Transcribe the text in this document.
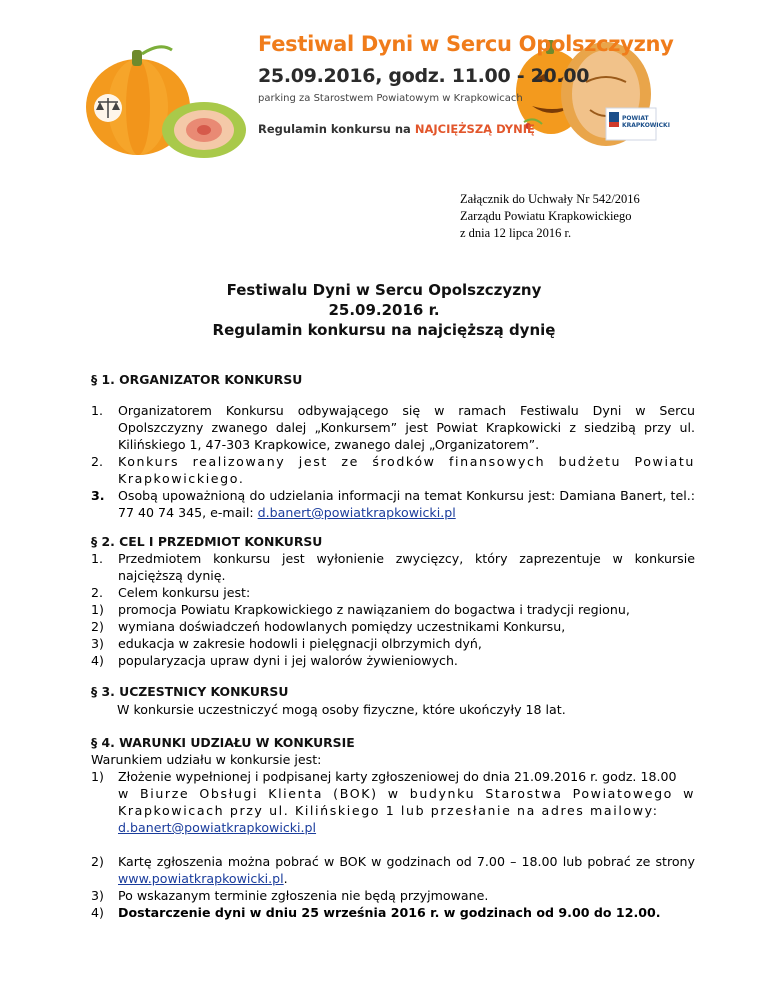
Festiwal Dyni w Sercu Opolszczyzny
25.09.2016, godz. 11.00 - 20.00
parking za Starostwem Powiatowym w Krapkowicach
Regulamin konkursu na NAJCIĘŻSZĄ DYNIĘ
POWIAT
KRAPKOWICKI
Załącznik do Uchwały Nr 542/2016
Zarządu Powiatu Krapkowickiego
z dnia 12 lipca 2016 r.
Festiwalu Dyni w Sercu Opolszczyzny
25.09.2016 r.
Regulamin konkursu na najcięższą dynię
§ 1. ORGANIZATOR KONKURSU
1. Organizatorem Konkursu odbywającego się w ramach Festiwalu Dyni w Sercu Opolszczyzny zwanego dalej „Konkursem” jest Powiat Krapkowicki z siedzibą przy ul. Kilińskiego 1, 47-303 Krapkowice, zwanego dalej „Organizatorem”.
2. Konkurs realizowany jest ze środków finansowych budżetu Powiatu Krapkowickiego.
3. Osobą upoważnioną do udzielania informacji na temat Konkursu jest: Damiana Banert, tel.: 77 40 74 345, e-mail: d.banert@powiatkrapkowicki.pl
§ 2. CEL I PRZEDMIOT KONKURSU
1. Przedmiotem konkursu jest wyłonienie zwycięzcy, który zaprezentuje w konkursie najcięższą dynię.
2. Celem konkursu jest:
1) promocja Powiatu Krapkowickiego z nawiązaniem do bogactwa i tradycji regionu,
2) wymiana doświadczeń hodowlanych pomiędzy uczestnikami Konkursu,
3) edukacja w zakresie hodowli i pielęgnacji olbrzymich dyń,
4) popularyzacja upraw dyni i jej walorów żywieniowych.
§ 3. UCZESTNICY KONKURSU
W konkursie uczestniczyć mogą osoby fizyczne, które ukończyły 18 lat.
§ 4. WARUNKI UDZIAŁU W KONKURSIE
Warunkiem udziału w konkursie jest:
1) Złożenie wypełnionej i podpisanej karty zgłoszeniowej do dnia 21.09.2016 r. godz. 18.00
w Biurze Obsługi Klienta (BOK) w budynku Starostwa Powiatowego w Krapkowicach przy ul. Kilińskiego 1 lub przesłanie na adres mailowy:
d.banert@powiatkrapkowicki.pl
2) Kartę zgłoszenia można pobrać w BOK w godzinach od 7.00 – 18.00 lub pobrać ze strony www.powiatkrapkowicki.pl.
3) Po wskazanym terminie zgłoszenia nie będą przyjmowane.
4) Dostarczenie dyni w dniu 25 września 2016 r. w godzinach od 9.00 do 12.00.
